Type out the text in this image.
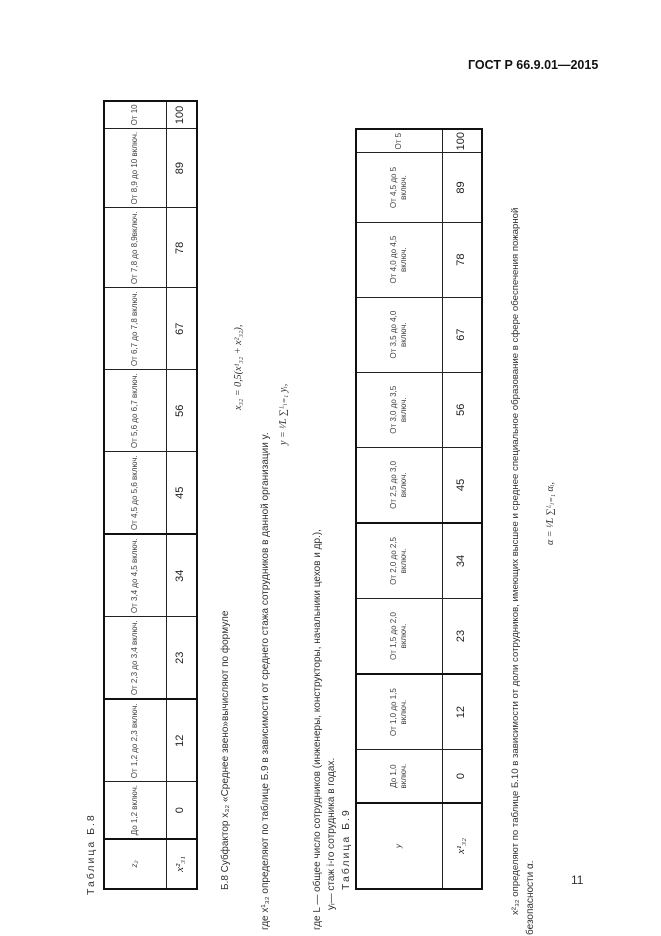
ГОСТ Р 66.9.01—2015
11
Таблица Б.8	z₂	До 1,2 включ.	От 1,2 до 2,3 включ.	От 2,3 до 3,4 включ.	От 3,4 до 4,5 включ.	От 4,5 до 5,6 включ.	От 5,6 до 6,7 включ.	От 6,7 до 7,8 включ.	От 7,8 до 8,9включ.	От 8,9 до 10 включ.	От 10
x²₃₁	0	12	23	34	45	56	67	78	89	100
Б.8 Субфактор x₃₂ «Среднее звено»вычисляют по формуле
x₃₂ = 0,5(x¹₃₂ + x²₃₂),
где x¹₃₂ определяют по таблице Б.9 в зависимости от среднего стажа сотрудников в данной организации y.
y = ¹⁄L ∑ᴸᵢ₌₁ yᵢ,
где L — общее число сотрудников (инженеры, конструкторы, начальники цехов и др.), yᵢ— стаж i-го сотрудника в годах. Таблица Б.9	y	До 1,0 включ.	От 1,0 до 1,5 включ.	От 1,5 до 2,0 включ.	От 2,0 до 2,5 включ.	От 2,5 до 3,0 включ.	От 3,0 до 3,5 включ.	От 3,5 до 4,0 включ.	От 4,0 до 4,5 включ.	От 4,5 до 5 включ.	От 5
x¹₃₂	0	12	23	34	45	56	67	78	89	100
x²₃₂ определяют по таблице Б.10 в зависимости от доли сотрудников, имеющих высшее и среднее специальное образование в сфере обеспечения пожарной безопасности α.
α = ¹⁄L ∑ᴸᵢ₌₁ αᵢ,
